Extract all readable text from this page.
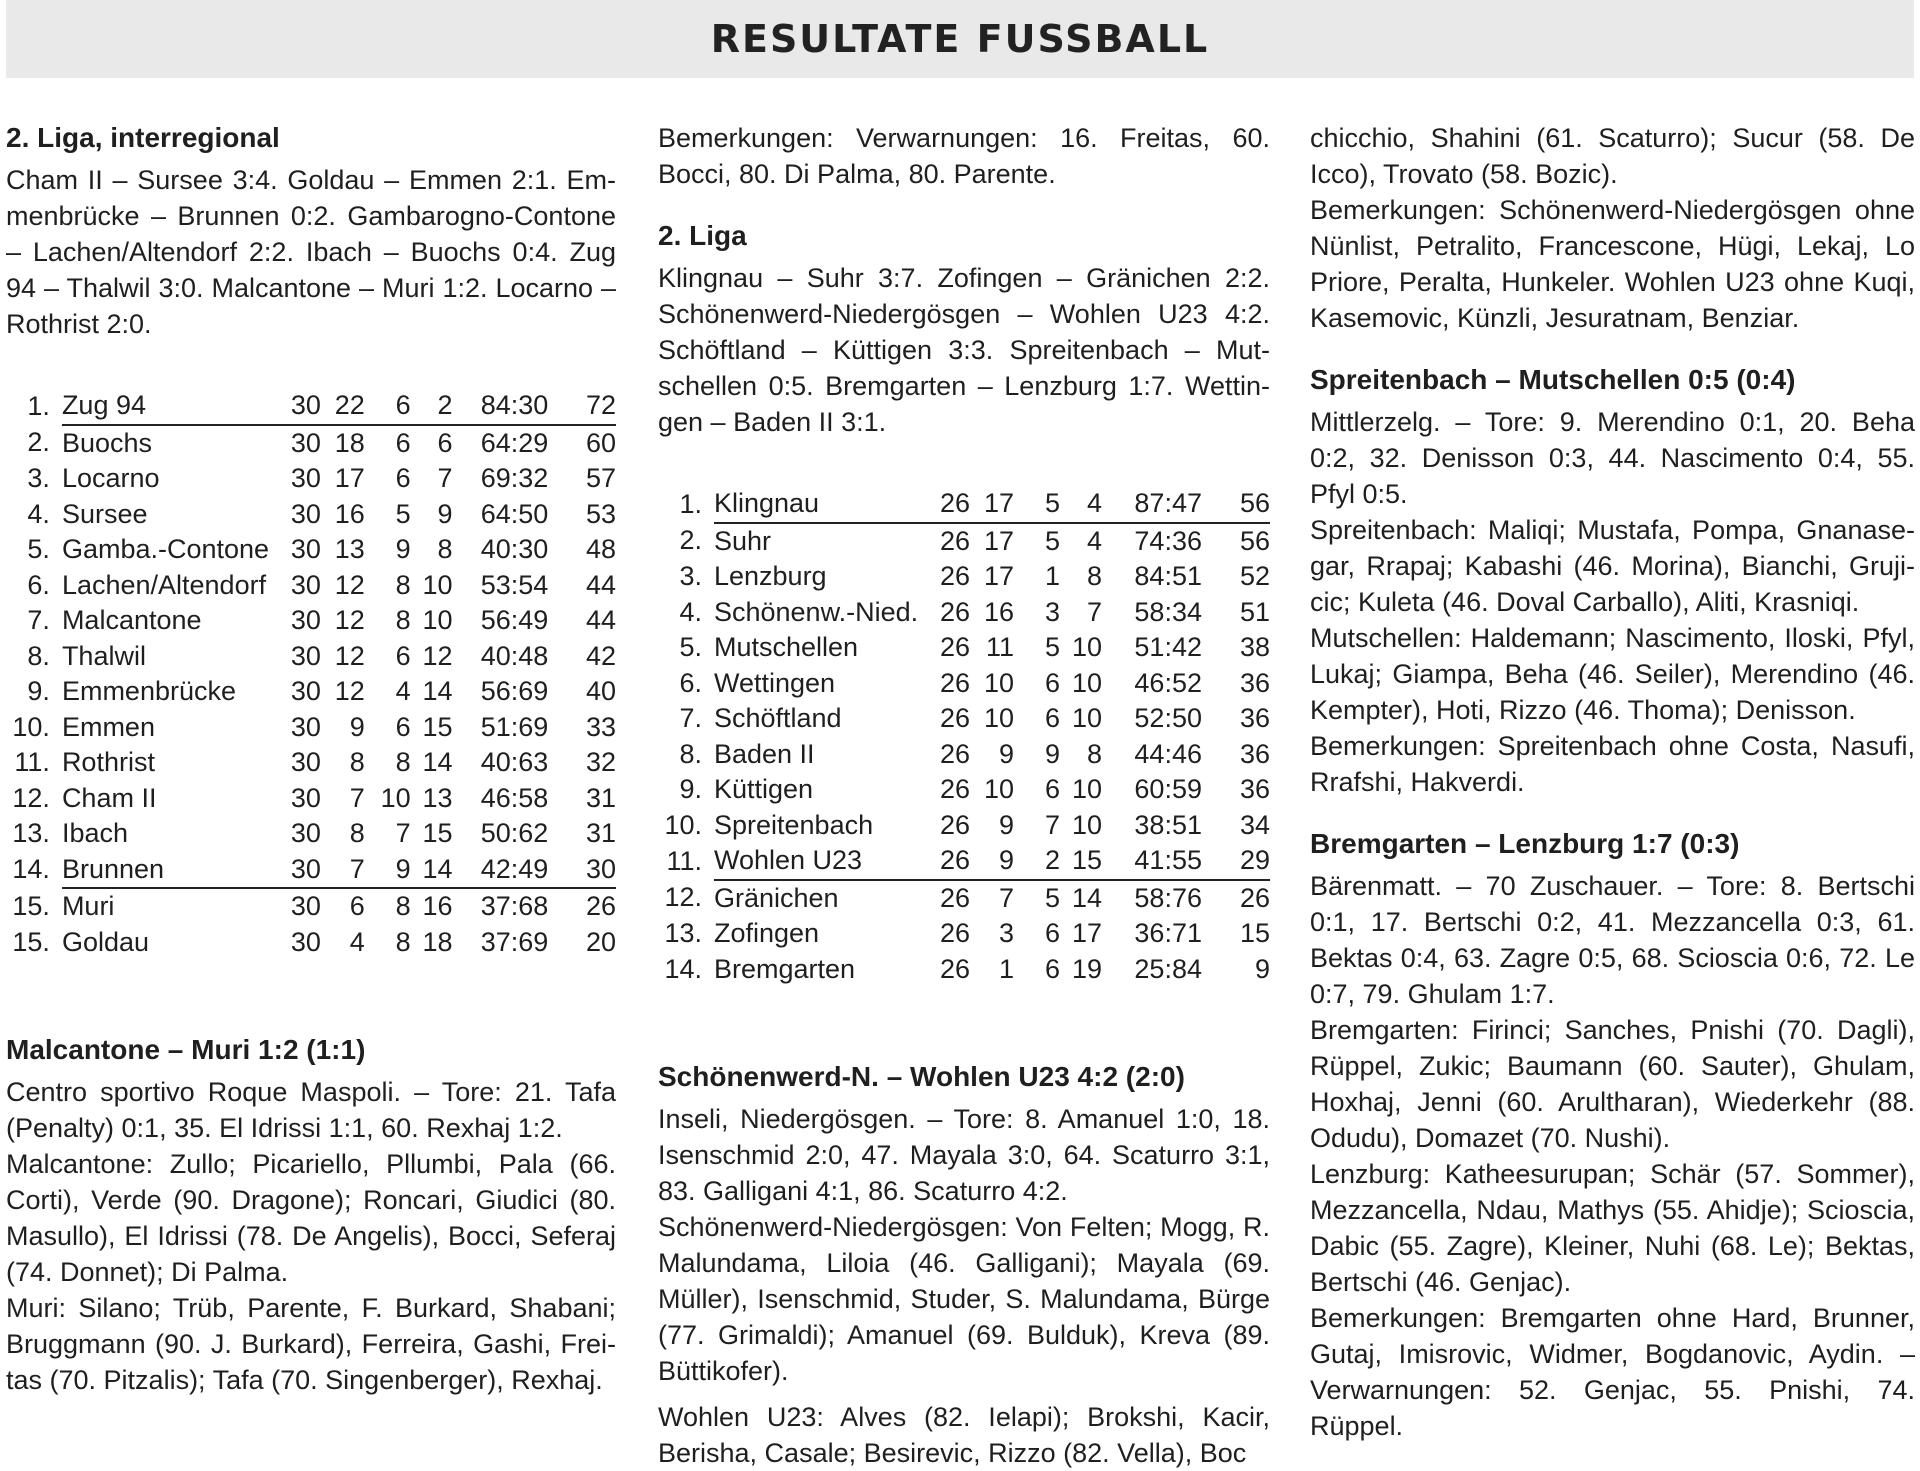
RESULTATE FUSSBALL
2. Liga, interregional

Cham II – Sursee 3:4. Goldau – Emmen 2:1. Emmenbrücke – Brunnen 0:2. Gambarogno-Contone – Lachen/Altendorf 2:2. Ibach – Buochs 0:4. Zug 94 – Thalwil 3:0. Malcantone – Muri 1:2. Locarno – Rothrist 2:0.

1.	Zug 94	30	22	6	2	84:30	72
2.	Buochs	30	18	6	6	64:29	60
3.	Locarno	30	17	6	7	69:32	57
4.	Sursee	30	16	5	9	64:50	53
5.	Gamba.-Contone	30	13	9	8	40:30	48
6.	Lachen/Altendorf	30	12	8	10	53:54	44
7.	Malcantone	30	12	8	10	56:49	44
8.	Thalwil	30	12	6	12	40:48	42
9.	Emmenbrücke	30	12	4	14	56:69	40
10.	Emmen	30	9	6	15	51:69	33
11.	Rothrist	30	8	8	14	40:63	32
12.	Cham II	30	7	10	13	46:58	31
13.	Ibach	30	8	7	15	50:62	31
14.	Brunnen	30	7	9	14	42:49	30
15.	Muri	30	6	8	16	37:68	26
15.	Goldau	30	4	8	18	37:69	20
Malcantone – Muri 1:2 (1:1)

Centro sportivo Roque Maspoli. – Tore: 21. Tafa (Penalty) 0:1, 35. El Idrissi 1:1, 60. Rexhaj 1:2.

Malcantone: Zullo; Picariello, Pllumbi, Pala (66. Corti), Verde (90. Dragone); Roncari, Giudici (80. Masullo), El Idrissi (78. De Angelis), Bocci, Seferaj (74. Donnet); Di Palma.

Muri: Silano; Trüb, Parente, F. Burkard, Shabani; Bruggmann (90. J. Burkard), Ferreira, Gashi, Freitas (70. Pitzalis); Tafa (70. Singenberger), Rexhaj.

Bemerkungen: Verwarnungen: 16. Freitas, 60. Bocci, 80. Di Palma, 80. Parente.

2. Liga

Klingnau – Suhr 3:7. Zofingen – Gränichen 2:2. Schönenwerd-Niedergösgen – Wohlen U23 4:2. Schöftland – Küttigen 3:3. Spreitenbach – Mutschellen 0:5. Bremgarten – Lenzburg 1:7. Wettingen – Baden II 3:1.

1.	Klingnau	26	17	5	4	87:47	56
2.	Suhr	26	17	5	4	74:36	56
3.	Lenzburg	26	17	1	8	84:51	52
4.	Schönenw.-Nied.	26	16	3	7	58:34	51
5.	Mutschellen	26	11	5	10	51:42	38
6.	Wettingen	26	10	6	10	46:52	36
7.	Schöftland	26	10	6	10	52:50	36
8.	Baden II	26	9	9	8	44:46	36
9.	Küttigen	26	10	6	10	60:59	36
10.	Spreitenbach	26	9	7	10	38:51	34
11.	Wohlen U23	26	9	2	15	41:55	29
12.	Gränichen	26	7	5	14	58:76	26
13.	Zofingen	26	3	6	17	36:71	15
14.	Bremgarten	26	1	6	19	25:84	9
Schönenwerd-N. – Wohlen U23 4:2 (2:0)

Inseli, Niedergösgen. – Tore: 8. Amanuel 1:0, 18. Isenschmid 2:0, 47. Mayala 3:0, 64. Scaturro 3:1, 83. Galligani 4:1, 86. Scaturro 4:2.

Schönenwerd-Niedergösgen: Von Felten; Mogg, R. Malundama, Liloia (46. Galligani); Mayala (69. Müller), Isenschmid, Studer, S. Malundama, Bürge (77. Grimaldi); Amanuel (69. Bulduk), Kreva (89. Büttikofer).

Wohlen U23: Alves (82. Ielapi); Brokshi, Kacir, Berisha, Casale; Besirevic, Rizzo (82. Vella), Boc

chicchio, Shahini (61. Scaturro); Sucur (58. De Icco), Trovato (58. Bozic).

Bemerkungen: Schönenwerd-Niedergösgen ohne Nünlist, Petralito, Francescone, Hügi, Lekaj, Lo Priore, Peralta, Hunkeler. Wohlen U23 ohne Kuqi, Kasemovic, Künzli, Jesuratnam, Benziar.

Spreitenbach – Mutschellen 0:5 (0:4)

Mittlerzelg. – Tore: 9. Merendino 0:1, 20. Beha 0:2, 32. Denisson 0:3, 44. Nascimento 0:4, 55. Pfyl 0:5.

Spreitenbach: Maliqi; Mustafa, Pompa, Gnanasegar, Rrapaj; Kabashi (46. Morina), Bianchi, Grujicic; Kuleta (46. Doval Carballo), Aliti, Krasniqi.

Mutschellen: Haldemann; Nascimento, Iloski, Pfyl, Lukaj; Giampa, Beha (46. Seiler), Merendino (46. Kempter), Hoti, Rizzo (46. Thoma); Denisson.

Bemerkungen: Spreitenbach ohne Costa, Nasufi, Rrafshi, Hakverdi.

Bremgarten – Lenzburg 1:7 (0:3)

Bärenmatt. – 70 Zuschauer. – Tore: 8. Bertschi 0:1, 17. Bertschi 0:2, 41. Mezzancella 0:3, 61. Bektas 0:4, 63. Zagre 0:5, 68. Scioscia 0:6, 72. Le 0:7, 79. Ghulam 1:7.

Bremgarten: Firinci; Sanches, Pnishi (70. Dagli), Rüppel, Zukic; Baumann (60. Sauter), Ghulam, Hoxhaj, Jenni (60. Arultharan), Wiederkehr (88. Odudu), Domazet (70. Nushi).

Lenzburg: Katheesurupan; Schär (57. Sommer), Mezzancella, Ndau, Mathys (55. Ahidje); Scioscia, Dabic (55. Zagre), Kleiner, Nuhi (68. Le); Bektas, Bertschi (46. Genjac).

Bemerkungen: Bremgarten ohne Hard, Brunner, Gutaj, Imisrovic, Widmer, Bogdanovic, Aydin. – Verwarnungen: 52. Genjac, 55. Pnishi, 74. Rüppel.
